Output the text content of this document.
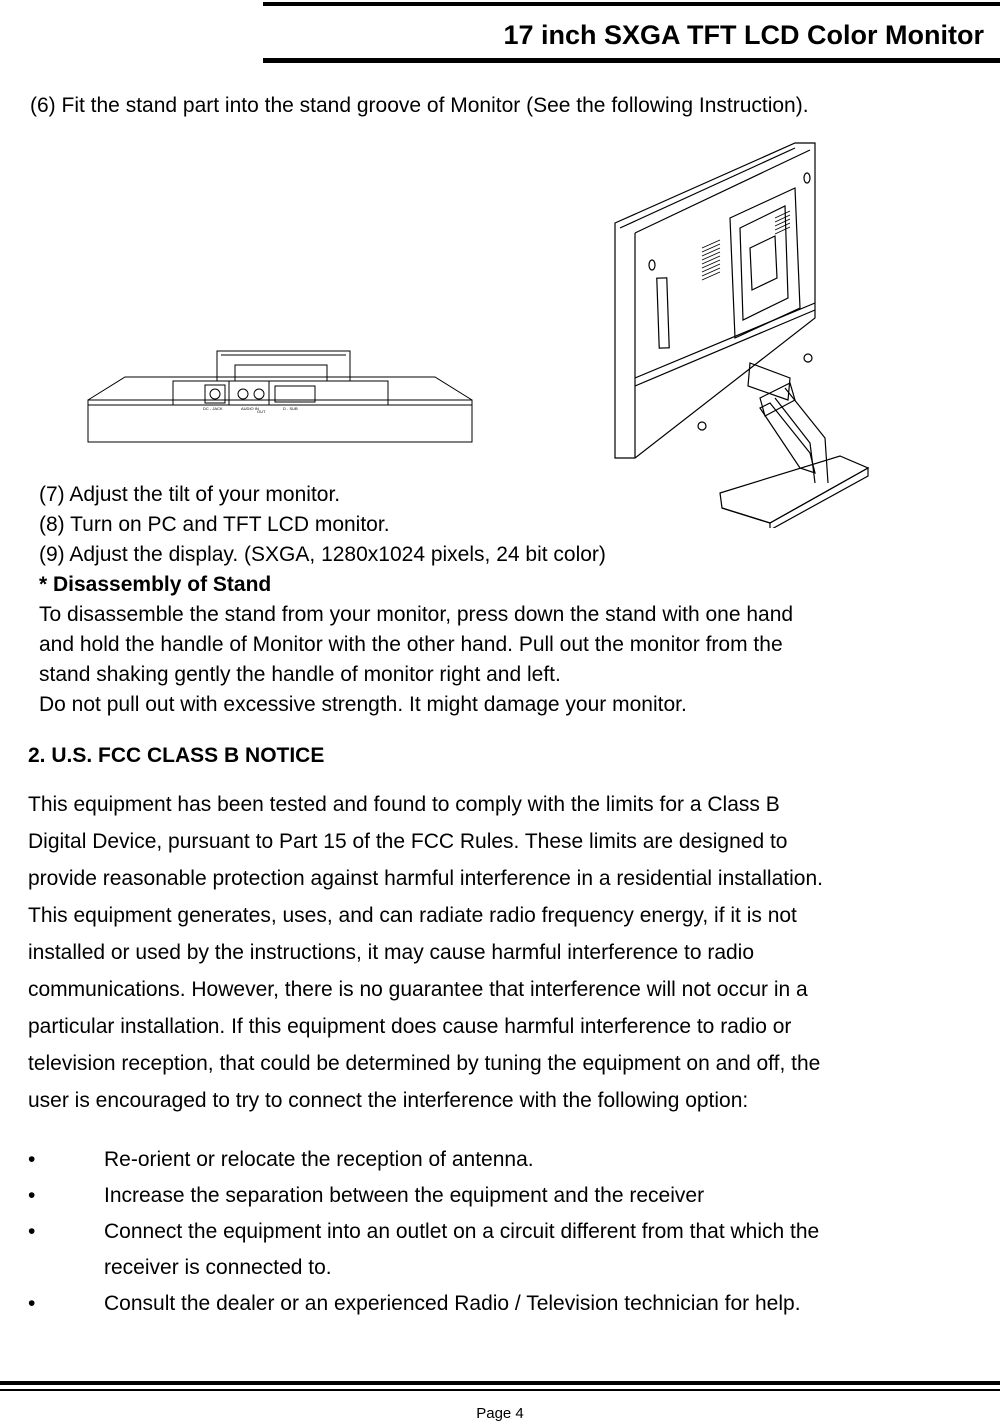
17 inch SXGA TFT LCD Color Monitor
(6) Fit the stand part into the stand groove of Monitor (See the following Instruction).
DC - JACK	AUDIO IN
OUT
D - SUB
(7) Adjust the tilt of your monitor.
(8) Turn on PC and TFT LCD monitor.
(9) Adjust the display. (SXGA, 1280x1024 pixels, 24 bit color)
* Disassembly of Stand
To disassemble the stand from your monitor, press down the stand with one hand
and hold the handle of Monitor with the other hand. Pull out the monitor from the
stand shaking gently the handle of monitor right and left.
Do not pull out with excessive strength. It might damage your monitor.
2. U.S. FCC CLASS B NOTICE
This equipment has been tested and found to comply with the limits for a Class B
Digital Device, pursuant to Part 15 of the FCC Rules. These limits are designed to
provide reasonable protection against harmful interference in a residential installation.
This equipment generates, uses, and can radiate radio frequency energy, if it is not
installed or used by the instructions, it may cause harmful interference to radio
communications. However, there is no guarantee that interference will not occur in a
particular installation. If this equipment does cause harmful interference to radio or
television reception, that could be determined by tuning the equipment on and off, the
user is encouraged to try to connect the interference with the following option:
•	Re-orient or relocate the reception of antenna.
•	Increase the separation between the equipment and the receiver
•	Connect the equipment into an outlet on a circuit different from that which the
receiver is connected to.
•	Consult the dealer or an experienced Radio / Television technician for help.
Page 4
